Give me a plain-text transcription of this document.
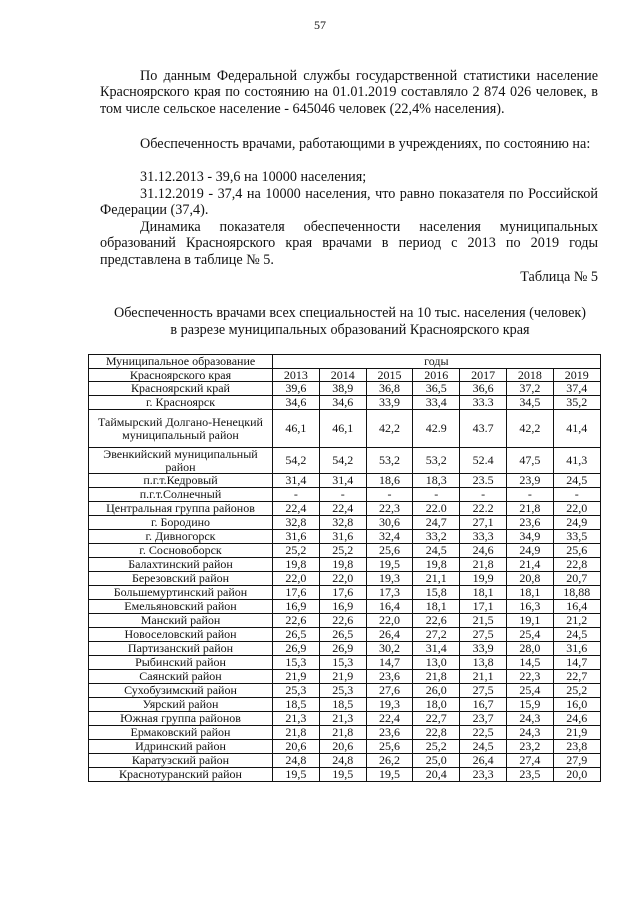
57

По данным Федеральной службы государственной статистики население Красноярского края по состоянию на 01.01.2019 составляло 2 874 026 человек, в том числе сельское население - 645046 человек (22,4% населения).

Обеспеченность врачами, работающими в учреждениях, по состоянию на:

31.12.2013 - 39,6 на 10000 населения;

31.12.2019 - 37,4 на 10000 населения, что равно показателя по Российской Федерации (37,4).

Динамика показателя обеспеченности населения муниципальных образований Красноярского края врачами в период с 2013 по 2019 годы представлена в таблице № 5.

Таблица № 5
Обеспеченность врачами всех специальностей на 10 тыс. населения (человек)
в разрезе муниципальных образований Красноярского края
Муниципальное образование	годы						
Красноярского края	2013	2014	2015	2016	2017	2018	2019
Красноярский край	39,6	38,9	36,8	36,5	36,6	37,2	37,4
г. Красноярск	34,6	34,6	33,9	33,4	33.3	34,5	35,2
Таймырский Долгано-Ненецкий муниципальный район	46,1	46,1	42,2	42.9	43.7	42,2	41,4
Эвенкийский муниципальный район	54,2	54,2	53,2	53,2	52.4	47,5	41,3
п.г.т.Кедровый	31,4	31,4	18,6	18,3	23.5	23,9	24,5
п.г.т.Солнечный	-	-	-	-	-	-	-
Центральная группа районов	22,4	22,4	22,3	22.0	22.2	21,8	22,0
г. Бородино	32,8	32,8	30,6	24,7	27,1	23,6	24,9
г. Дивногорск	31,6	31,6	32,4	33,2	33,3	34,9	33,5
г. Сосновоборск	25,2	25,2	25,6	24,5	24,6	24,9	25,6
Балахтинский район	19,8	19,8	19,5	19,8	21,8	21,4	22,8
Березовский район	22,0	22,0	19,3	21,1	19,9	20,8	20,7
Большемуртинский район	17,6	17,6	17,3	15,8	18,1	18,1	18,88
Емельяновский район	16,9	16,9	16,4	18,1	17,1	16,3	16,4
Манский район	22,6	22,6	22,0	22,6	21,5	19,1	21,2
Новоселовский район	26,5	26,5	26,4	27,2	27,5	25,4	24,5
Партизанский район	26,9	26,9	30,2	31,4	33,9	28,0	31,6
Рыбинский район	15,3	15,3	14,7	13,0	13,8	14,5	14,7
Саянский район	21,9	21,9	23,6	21,8	21,1	22,3	22,7
Сухобузимский район	25,3	25,3	27,6	26,0	27,5	25,4	25,2
Уярский район	18,5	18,5	19,3	18,0	16,7	15,9	16,0
Южная группа районов	21,3	21,3	22,4	22,7	23,7	24,3	24,6
Ермаковский район	21,8	21,8	23,6	22,8	22,5	24,3	21,9
Идринский район	20,6	20,6	25,6	25,2	24,5	23,2	23,8
Каратузский район	24,8	24,8	26,2	25,0	26,4	27,4	27,9
Краснотуранский район	19,5	19,5	19,5	20,4	23,3	23,5	20,0
